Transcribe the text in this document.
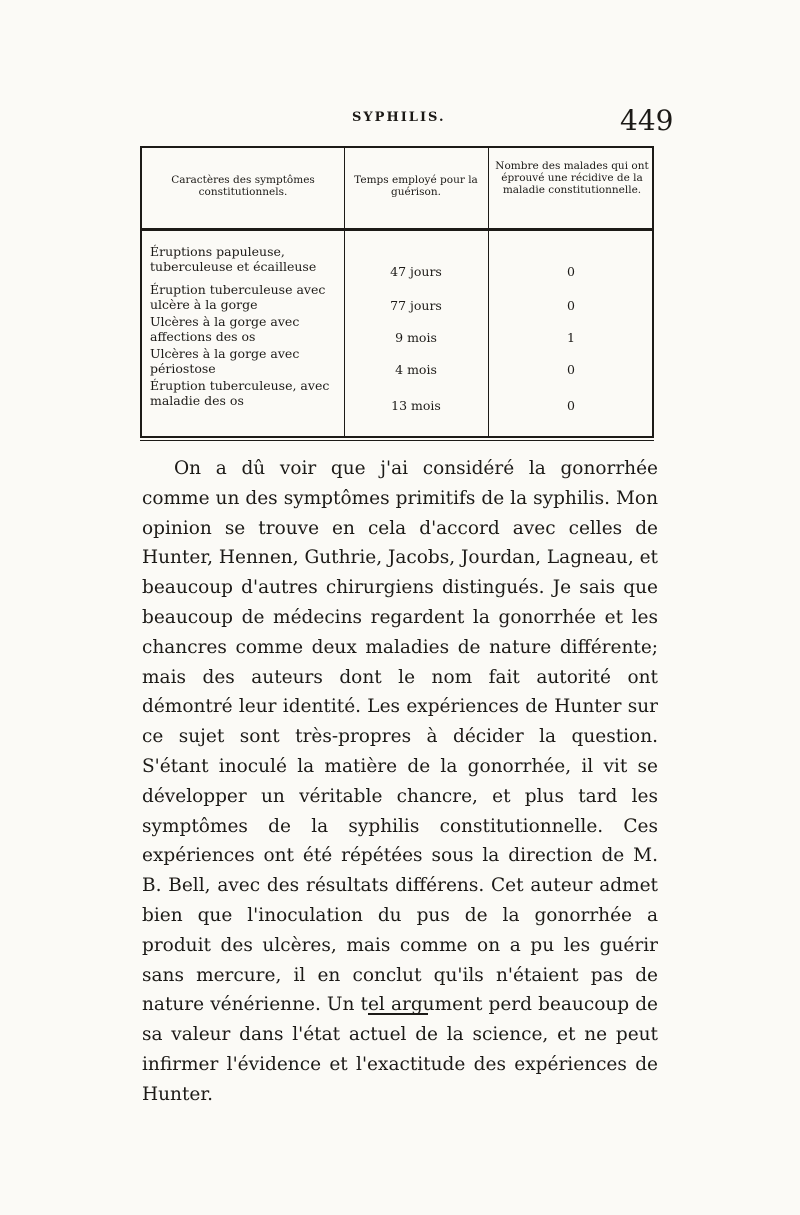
SYPHILIS.	449
Caractères des symptômes constitutionnels.
Temps employé pour la guérison.
Nombre des malades qui ont éprouvé une récidive de la maladie constitutionnelle.
Éruptions papuleuse, tuberculeuse et écailleuse	47 jours	0
Éruption tuberculeuse avec ulcère à la gorge	77 jours	0
Ulcères à la gorge avec affections des os	9 mois	1
Ulcères à la gorge avec périostose	4 mois	0
Éruption tuberculeuse, avec maladie des os	13 mois	0

On a dû voir que j'ai considéré la gonorrhée comme un des symptômes primitifs de la syphilis. Mon opinion se trouve en cela d'accord avec celles de Hunter, Hennen, Guthrie, Jacobs, Jourdan, Lagneau, et beaucoup d'autres chirurgiens distingués. Je sais que beaucoup de médecins regardent la gonorrhée et les chancres comme deux maladies de nature différente; mais des auteurs dont le nom fait autorité ont démontré leur identité. Les expériences de Hunter sur ce sujet sont très-propres à décider la question. S'étant inoculé la matière de la gonorrhée, il vit se développer un véritable chancre, et plus tard les symptômes de la syphilis constitutionnelle. Ces expériences ont été répétées sous la direction de M. B. Bell, avec des résultats différens. Cet auteur admet bien que l'inoculation du pus de la gonorrhée a produit des ulcères, mais comme on a pu les guérir sans mercure, il en conclut qu'ils n'étaient pas de nature vénérienne. Un tel argument perd beaucoup de sa valeur dans l'état actuel de la science, et ne peut infirmer l'évidence et l'exactitude des expériences de Hunter.
